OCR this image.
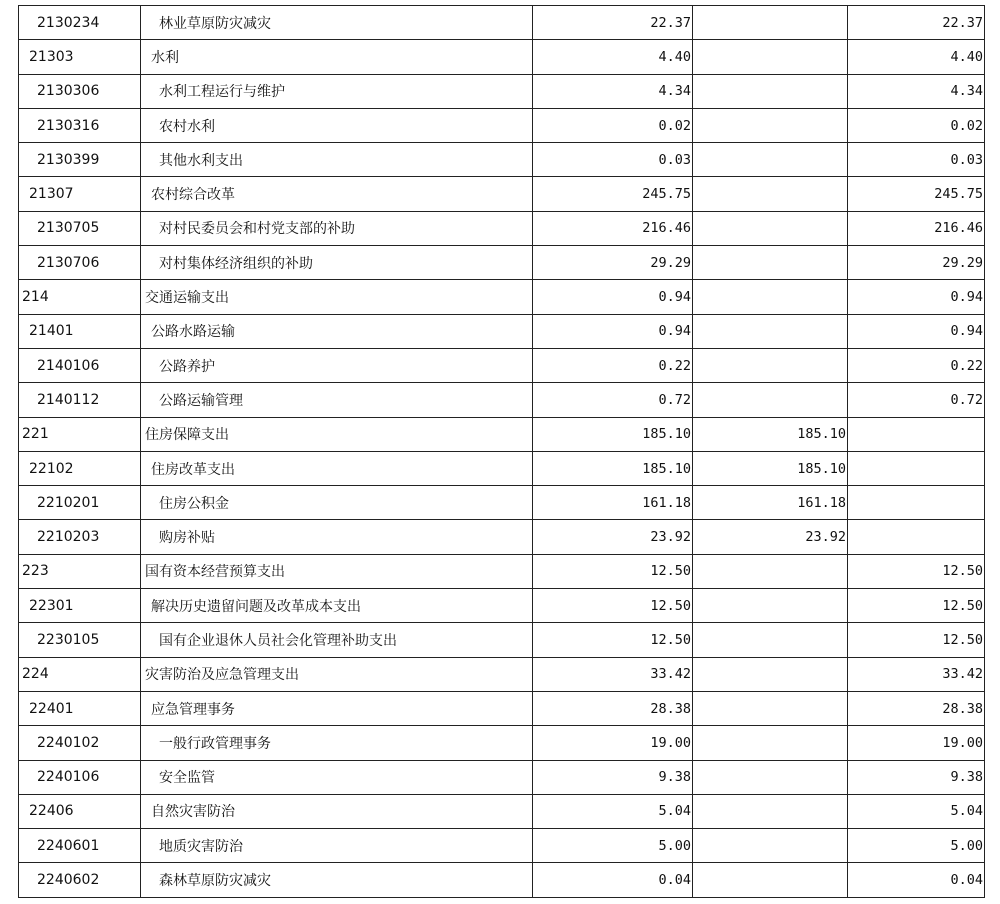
2130234	林业草原防灾减灾	22.37		22.37
21303	水利	4.40		4.40
2130306	水利工程运行与维护	4.34		4.34
2130316	农村水利	0.02		0.02
2130399	其他水利支出	0.03		0.03
21307	农村综合改革	245.75		245.75
2130705	对村民委员会和村党支部的补助	216.46		216.46
2130706	对村集体经济组织的补助	29.29		29.29
214	交通运输支出	0.94		0.94
21401	公路水路运输	0.94		0.94
2140106	公路养护	0.22		0.22
2140112	公路运输管理	0.72		0.72
221	住房保障支出	185.10	185.10	
22102	住房改革支出	185.10	185.10	
2210201	住房公积金	161.18	161.18	
2210203	购房补贴	23.92	23.92	
223	国有资本经营预算支出	12.50		12.50
22301	解决历史遗留问题及改革成本支出	12.50		12.50
2230105	国有企业退休人员社会化管理补助支出	12.50		12.50
224	灾害防治及应急管理支出	33.42		33.42
22401	应急管理事务	28.38		28.38
2240102	一般行政管理事务	19.00		19.00
2240106	安全监管	9.38		9.38
22406	自然灾害防治	5.04		5.04
2240601	地质灾害防治	5.00		5.00
2240602	森林草原防灾减灾	0.04		0.04
